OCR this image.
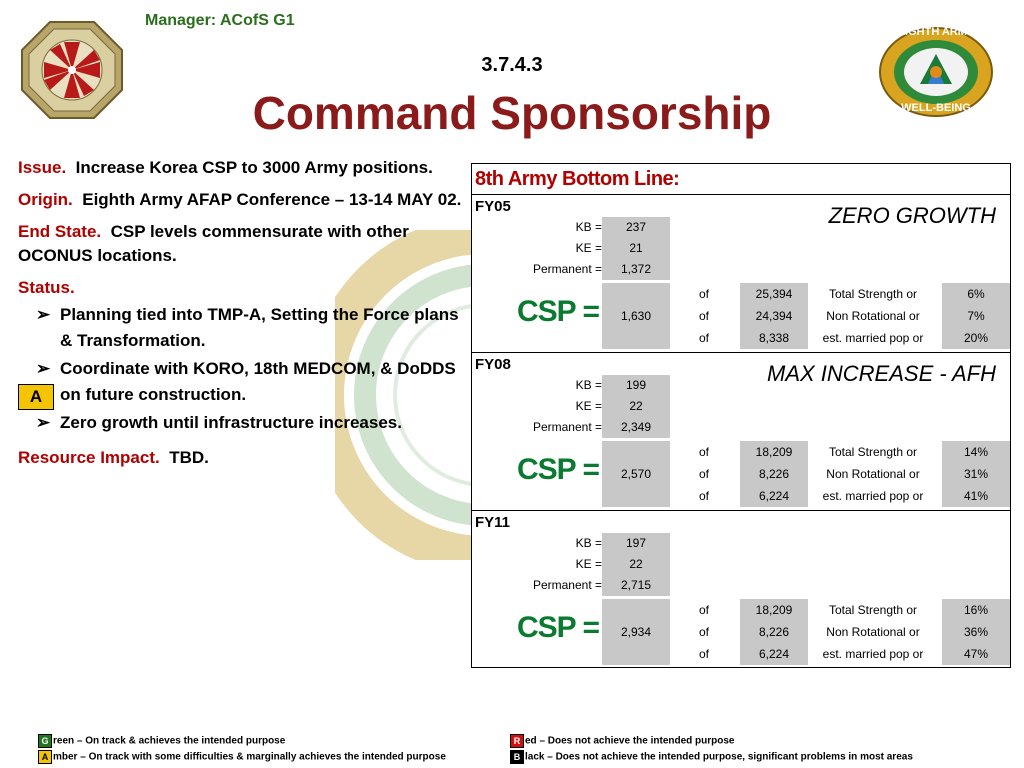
Manager: ACofS G1
3.7.4.3
Command Sponsorship
EIGHTH ARMY
WELL-BEING

Issue. Increase Korea CSP to 3000 Army positions.

Origin. Eighth Army AFAP Conference – 13-14 MAY 02.

End State. CSP levels commensurate with other OCONUS locations.

Status.

➢ Planning tied into TMP-A, Setting the Force plans & Transformation.
➢ Coordinate with KORO, 18th MEDCOM, & DoDDS on future construction.
➢ Zero growth until infrastructure increases.

Resource Impact. TBD.

A
8th Army Bottom Line:
FY05	ZERO GROWTH
KB =	237
KE =	21
Permanent =	1,372
CSP =	1,630
of	25,394	Total Strength or	6%
of	24,394	Non Rotational or	7%
of	8,338	est. married pop or	20%
FY08	MAX INCREASE - AFH
KB =	199
KE =	22
Permanent =	2,349
CSP =	2,570
of	18,209	Total Strength or	14%
of	8,226	Non Rotational or	31%
of	6,224	est. married pop or	41%
FY11
KB =	197
KE =	22
Permanent =	2,715
CSP =	2,934
of	18,209	Total Strength or	16%
of	8,226	Non Rotational or	36%
of	6,224	est. married pop or	47%
G reen – On track & achieves the intended purpose
A mber – On track with some difficulties & marginally achieves the intended purpose
R ed – Does not achieve the intended purpose
B lack – Does not achieve the intended purpose, significant problems in most areas
